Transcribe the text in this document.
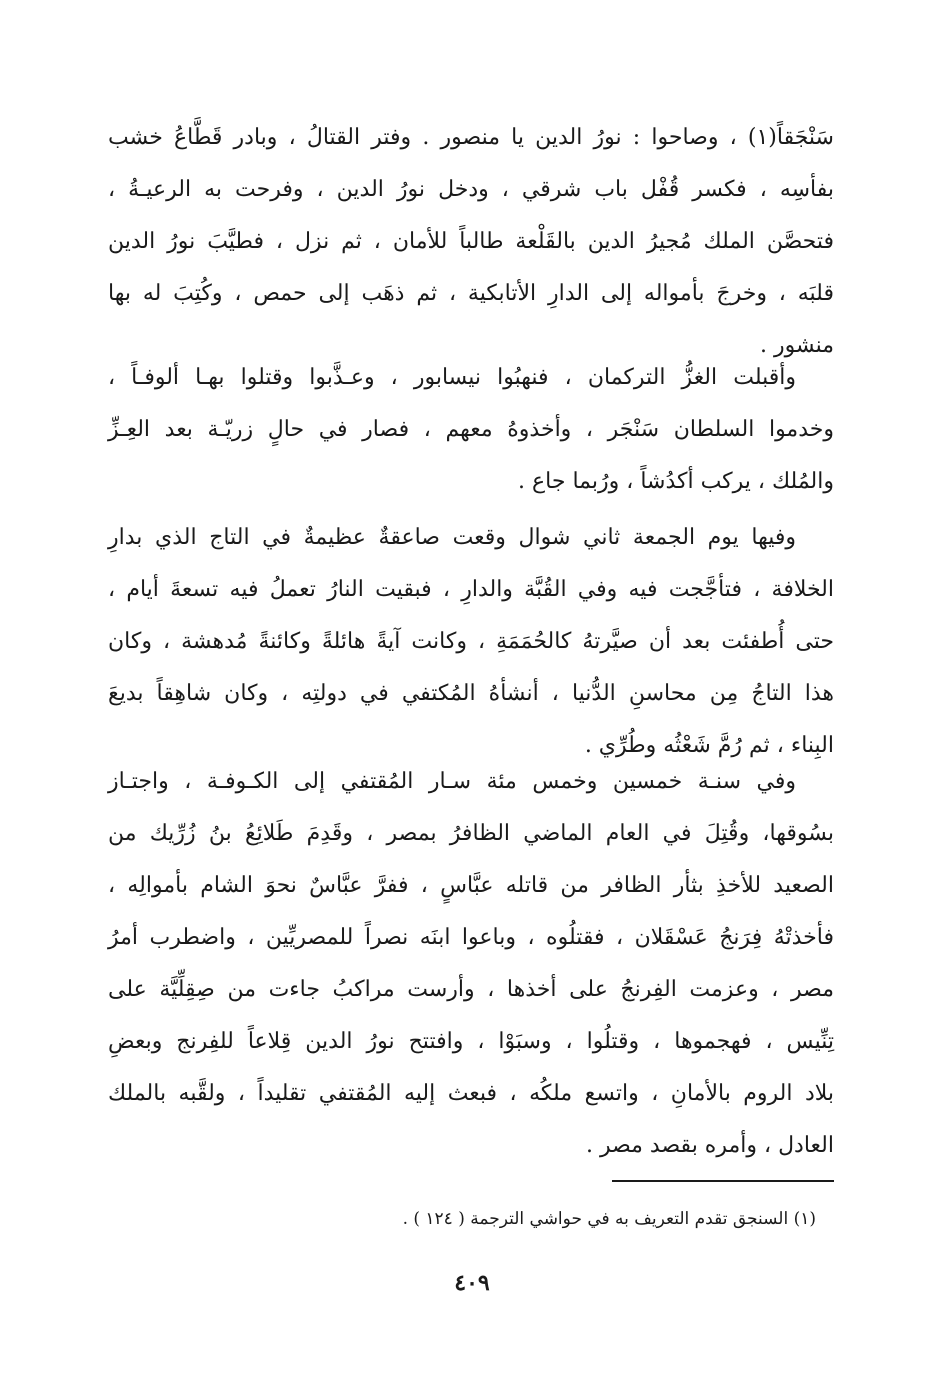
سَنْجَقاً(١) ، وصاحوا : نورُ الدين يا منصور . وفتر القتالُ ، وبادر قَطَّاعُ خشب
بفأسِه ، فكسر قُفْل باب شرقي ، ودخل نورُ الدين ، وفرحت به الرعيـةُ ،
فتحصَّن الملك مُجيرُ الدين بالقَلْعة طالباً للأمان ، ثم نزل ، فطيَّبَ نورُ الدين
قلبَه ، وخرجَ بأمواله إلى الدارِ الأتابكية ، ثم ذهَب إلى حمص ، وكُتِبَ له بها
منشور .
وأقبلت الغزُّ التركمان ، فنهبُوا نيسابور ، وعـذَّبوا وقتلوا بهـا ألوفـاً ،
وخدموا السلطان سَنْجَر ، وأخذوهُ معهم ، فصار في حالٍ زريّـة بعد العِـزِّ
والمُلك ، يركب أكدُشاً ، ورُبما جاع .
وفيها يوم الجمعة ثاني شوال وقعت صاعقةٌ عظيمةٌ في التاج الذي بدارِ
الخلافة ، فتأجَّجت فيه وفي القُبَّة والدارِ ، فبقيت النارُ تعملُ فيه تسعةَ أيام ،
حتى أُطفئت بعد أن صيَّرتهُ كالحُمَمَةِ ، وكانت آيةً هائلةً وكائنةً مُدهشة ، وكان
هذا التاجُ مِن محاسنِ الدُّنيا ، أنشأهُ المُكتفي في دولتِه ، وكان شاهِقاً بديعَ
البِناء ، ثم رُمَّ شَعْثُه وطُرِّي .
وفي سنـة خمسين وخمس مئة سـار المُقتفي إلى الكـوفـة ، واجتـاز
بسُوقها، وقُتِلَ في العام الماضي الظافرُ بمصر ، وقَدِمَ طَلائِعُ بنُ زُرِّيك من
الصعيد للأخذِ بثأر الظافر من قاتله عبَّاسٍ ، ففرَّ عبَّاسٌ نحوَ الشام بأموالِه ،
فأخذتْهُ فِرَنجُ عَسْقَلان ، فقتلُوه ، وباعوا ابنَه نصراً للمصريِّين ، واضطرب أمرُ
مصر ، وعزمت الفِرنجُ على أخذها ، وأرست مراكبُ جاءت من صِقِلِّيَّة على
تِنِّيس ، فهجموها ، وقتلُوا ، وسبَوْا ، وافتتح نورُ الدين قِلاعاً للفِرنج وبعضِ
بلاد الروم بالأمانِ ، واتسع ملكُه ، فبعث إليه المُقتفي تقليداً ، ولقَّبه بالملك
العادل ، وأمره بقصد مصر .
(١) السنجق تقدم التعريف به في حواشي الترجمة ( ١٢٤ ) .
٤٠٩
